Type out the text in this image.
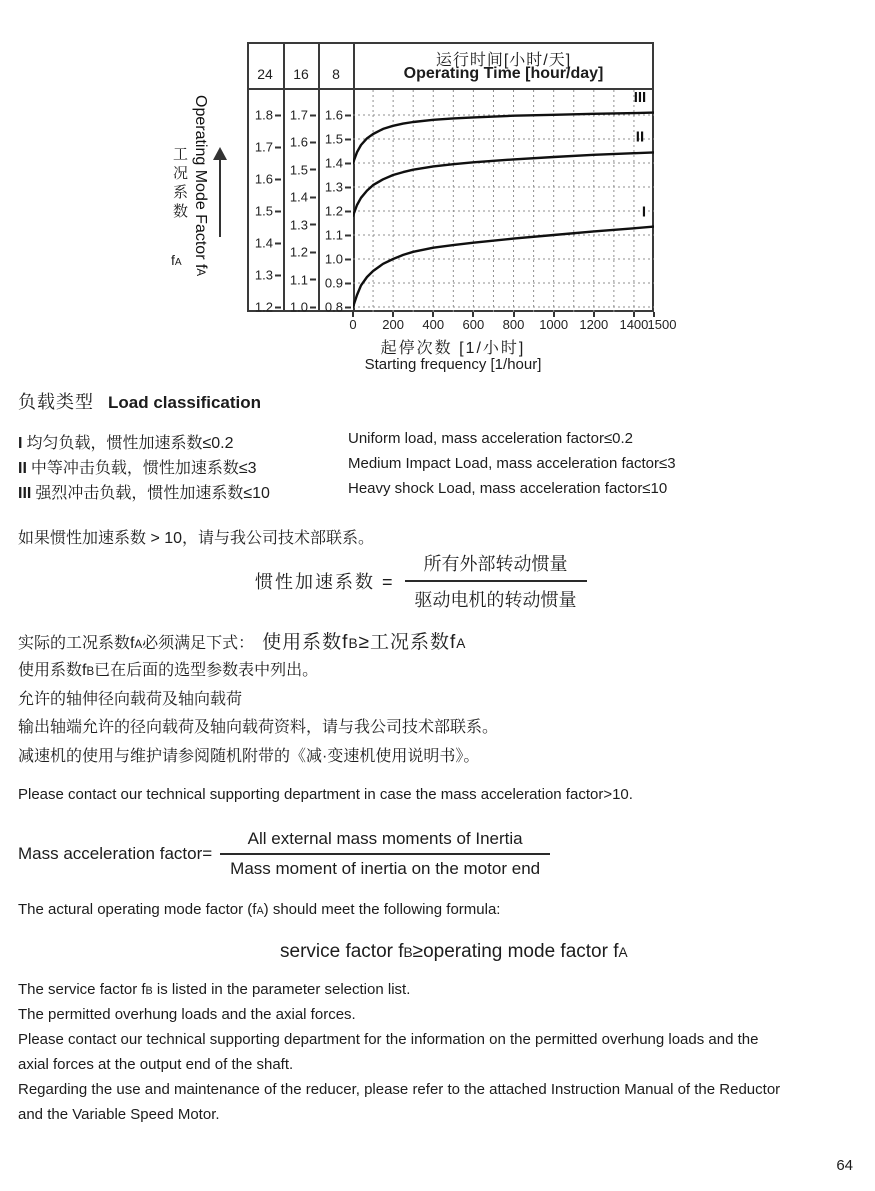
24	16	8
运行时间[小时/天]
Operating Time [hour/day]
III
II
I
起停次数 [1/小时]
Starting frequency [1/hour]
工况系数
fA Operating Mode Factor fA
负载类型 Load classification
I 均匀负载，惯性加速系数≤0.2	Uniform load, mass acceleration factor≤0.2
II 中等冲击负载，惯性加速系数≤3	Medium Impact Load, mass acceleration factor≤3
III 强烈冲击负载，惯性加速系数≤10	Heavy shock Load, mass acceleration factor≤10
如果惯性加速系数 > 10，请与我公司技术部联系。
惯性加速系数 = $\frac{\text{所有外部转动惯量}}{\text{驱动电机的转动惯量}}$
实际的工况系数fA必须满足下式： 使用系数fB≥工况系数fA
使用系数fB已在后面的选型参数表中列出。
允许的轴伸径向载荷及轴向载荷
输出轴端允许的径向载荷及轴向载荷资料，请与我公司技术部联系。
减速机的使用与维护请参阅随机附带的《减·变速机使用说明书》。
Please contact our technical supporting department in case the mass acceleration factor>10.
Mass acceleration factor= $\frac{\text{All external mass moments of Inertia}}{\text{Mass moment of inertia on the motor end}}$
The actural operating mode factor (fA) should meet the following formula:
service factor fB≥operating mode factor fA
The service factor fB is listed in the parameter selection list.
The permitted overhung loads and the axial forces.
Please contact our technical supporting department for the information on the permitted overhung loads and the
axial forces at the output end of the shaft.
Regarding the use and maintenance of the reducer, please refer to the attached Instruction Manual of the Reductor
and the Variable Speed Motor.
64
1.8
1.7
1.6
1.5
1.4
1.3
1.2
1.7
1.6
1.5
1.4
1.3
1.2
1.1
1.0
1.6
1.5
1.4
1.3
1.2
1.1
1.0
0.9
0.8
0 200 400 600 800 1000 1200 1400 1500
